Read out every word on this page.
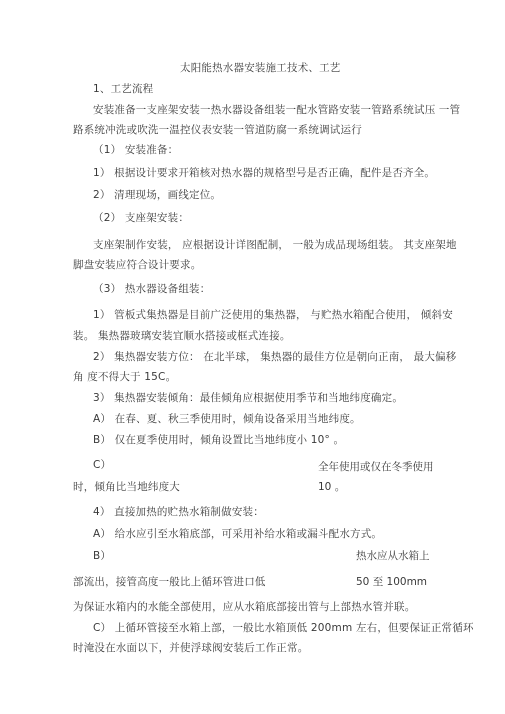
太阳能热水器安装施工技术、工艺
1、工艺流程
安装准备一支座架安装一热水器设备组装一配水管路安装一管路系统试压 一管
路系统冲洗或吹洗一温控仪表安装一管道防腐一系统调试运行
（1） 安装准备：
1） 根据设计要求开箱核对热水器的规格型号是否正确，配件是否齐全。
2） 清理现场，画线定位。
（2） 支座架安装：
支座架制作安装， 应根据设计详图配制， 一般为成品现场组装。 其支座架地
脚盘安装应符合设计要求。
（3） 热水器设备组装：
1） 管板式集热器是目前广泛使用的集热器， 与贮热水箱配合使用， 倾斜安
装。 集热器玻璃安装宜顺水搭接或框式连接。
2） 集热器安装方位： 在北半球， 集热器的最佳方位是朝向正南， 最大偏移
角 度不得大于 15C。
3） 集热器安装倾角：最佳倾角应根据使用季节和当地纬度确定。
A） 在春、夏、秋三季使用时，倾角设备采用当地纬度。
B） 仅在夏季使用时，倾角设置比当地纬度小 10° 。
C）	全年使用或仅在冬季使用
时，倾角比当地纬度大	10 。
4） 直接加热的贮热水箱制做安装：
A） 给水应引至水箱底部，可采用补给水箱或漏斗配水方式。
B）	热水应从水箱上
部流出，接管高度一般比上循环管进口低	50 至 100mm
为保证水箱内的水能全部使用，应从水箱底部接出管与上部热水管并联。
C） 上循环管接至水箱上部，一般比水箱顶低 200mm 左右，但要保证正常循环
时淹没在水面以下，并使浮球阀安装后工作正常。
